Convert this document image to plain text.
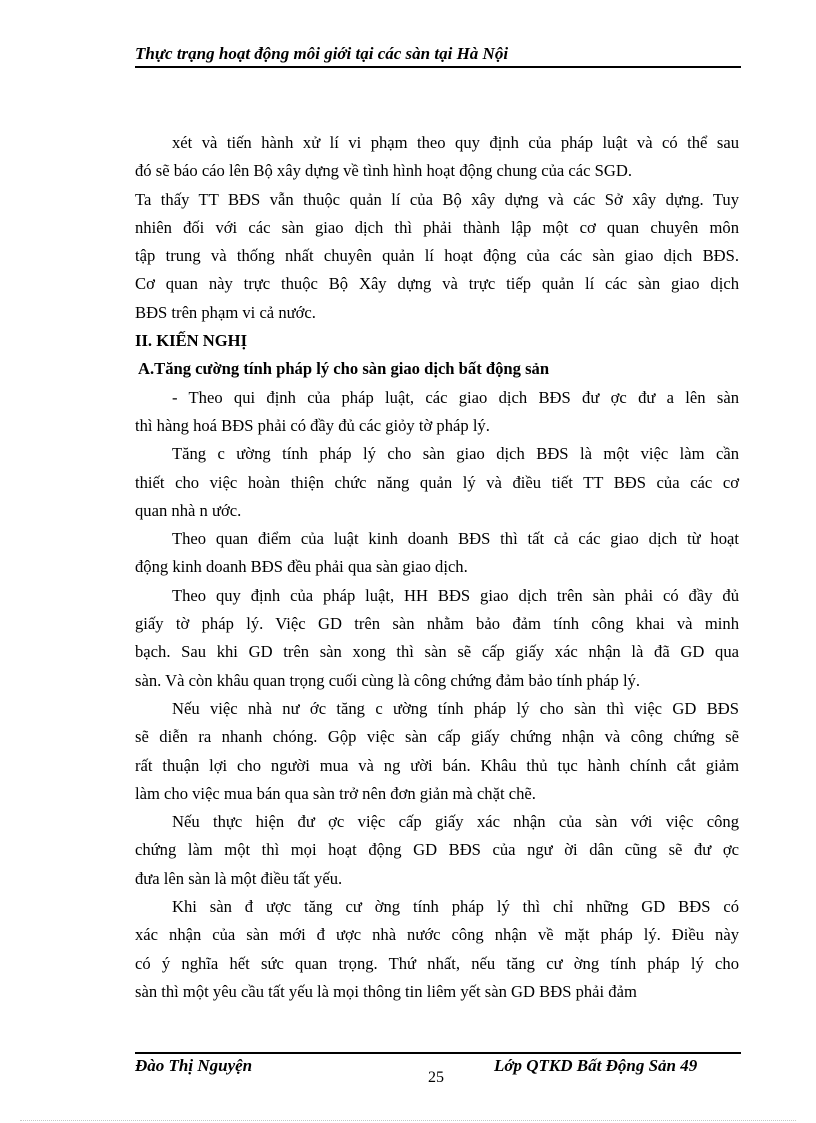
Thực trạng hoạt động môi giới tại các sàn tại Hà Nội

xét và tiến hành xử lí vi phạm theo quy định của pháp luật và có thể sau

đó sẽ báo cáo lên Bộ xây dựng về tình hình hoạt động chung của các SGD.

Ta thấy TT BĐS vẫn thuộc quản lí của Bộ xây dựng và các Sở xây dựng. Tuy

nhiên đối với các sàn giao dịch thì phải thành lập một cơ quan chuyên môn

tập trung và thống nhất chuyên quản lí hoạt động của các sàn giao dịch BĐS.

Cơ quan này trực thuộc Bộ Xây dựng và trực tiếp quản lí các sàn giao dịch

BĐS trên phạm vi cả nước.

II. KIẾN NGHỊ

A.Tăng cường tính pháp lý cho sàn giao dịch bất động sản

- Theo qui định của pháp luật, các giao dịch BĐS đư ợc đư a lên sàn

thì hàng hoá BĐS phải có đầy đủ các giỏy tờ pháp lý.

Tăng c ường tính pháp lý cho sàn giao dịch BĐS là một việc làm cần

thiết cho việc hoàn thiện chức năng quản lý và điều tiết TT BĐS của các cơ

quan nhà n ước.

Theo quan điểm của luật kinh doanh BĐS thì tất cả các giao dịch từ hoạt

động kinh doanh BĐS đều phải qua sàn giao dịch.

Theo quy định của pháp luật, HH BĐS giao dịch trên sàn phải có đầy đủ

giấy tờ pháp lý. Việc GD trên sàn nhằm bảo đảm tính công khai và minh

bạch. Sau khi GD trên sàn xong thì sàn sẽ cấp giấy xác nhận là đã GD qua

sàn. Và còn khâu quan trọng cuối cùng là công chứng đảm bảo tính pháp lý.

Nếu việc nhà nư ớc tăng c ường tính pháp lý cho sàn thì việc GD BĐS

sẽ diễn ra nhanh chóng. Gộp việc sàn cấp giấy chứng nhận và công chứng sẽ

rất thuận lợi cho người mua và ng ười bán. Khâu thủ tục hành chính cắt giảm

làm cho việc mua bán qua sàn trở nên đơn giản mà chặt chẽ.

Nếu thực hiện đư ợc việc cấp giấy xác nhận của sàn với việc công

chứng làm một thì mọi hoạt động GD BĐS của ngư ời dân cũng sẽ đư ợc

đưa lên sàn là một điều tất yếu.

Khi sàn đ ược tăng cư ờng tính pháp lý thì chỉ những GD BĐS có

xác nhận của sàn mới đ ược nhà nước công nhận về mặt pháp lý. Điều này

có ý nghĩa hết sức quan trọng. Thứ nhất, nếu tăng cư ờng tính pháp lý cho

sàn thì một yêu cầu tất yếu là mọi thông tin liêm yết sàn GD BĐS phải đảm

Đào Thị Nguyện
25
Lớp QTKD Bất Động Sản 49
